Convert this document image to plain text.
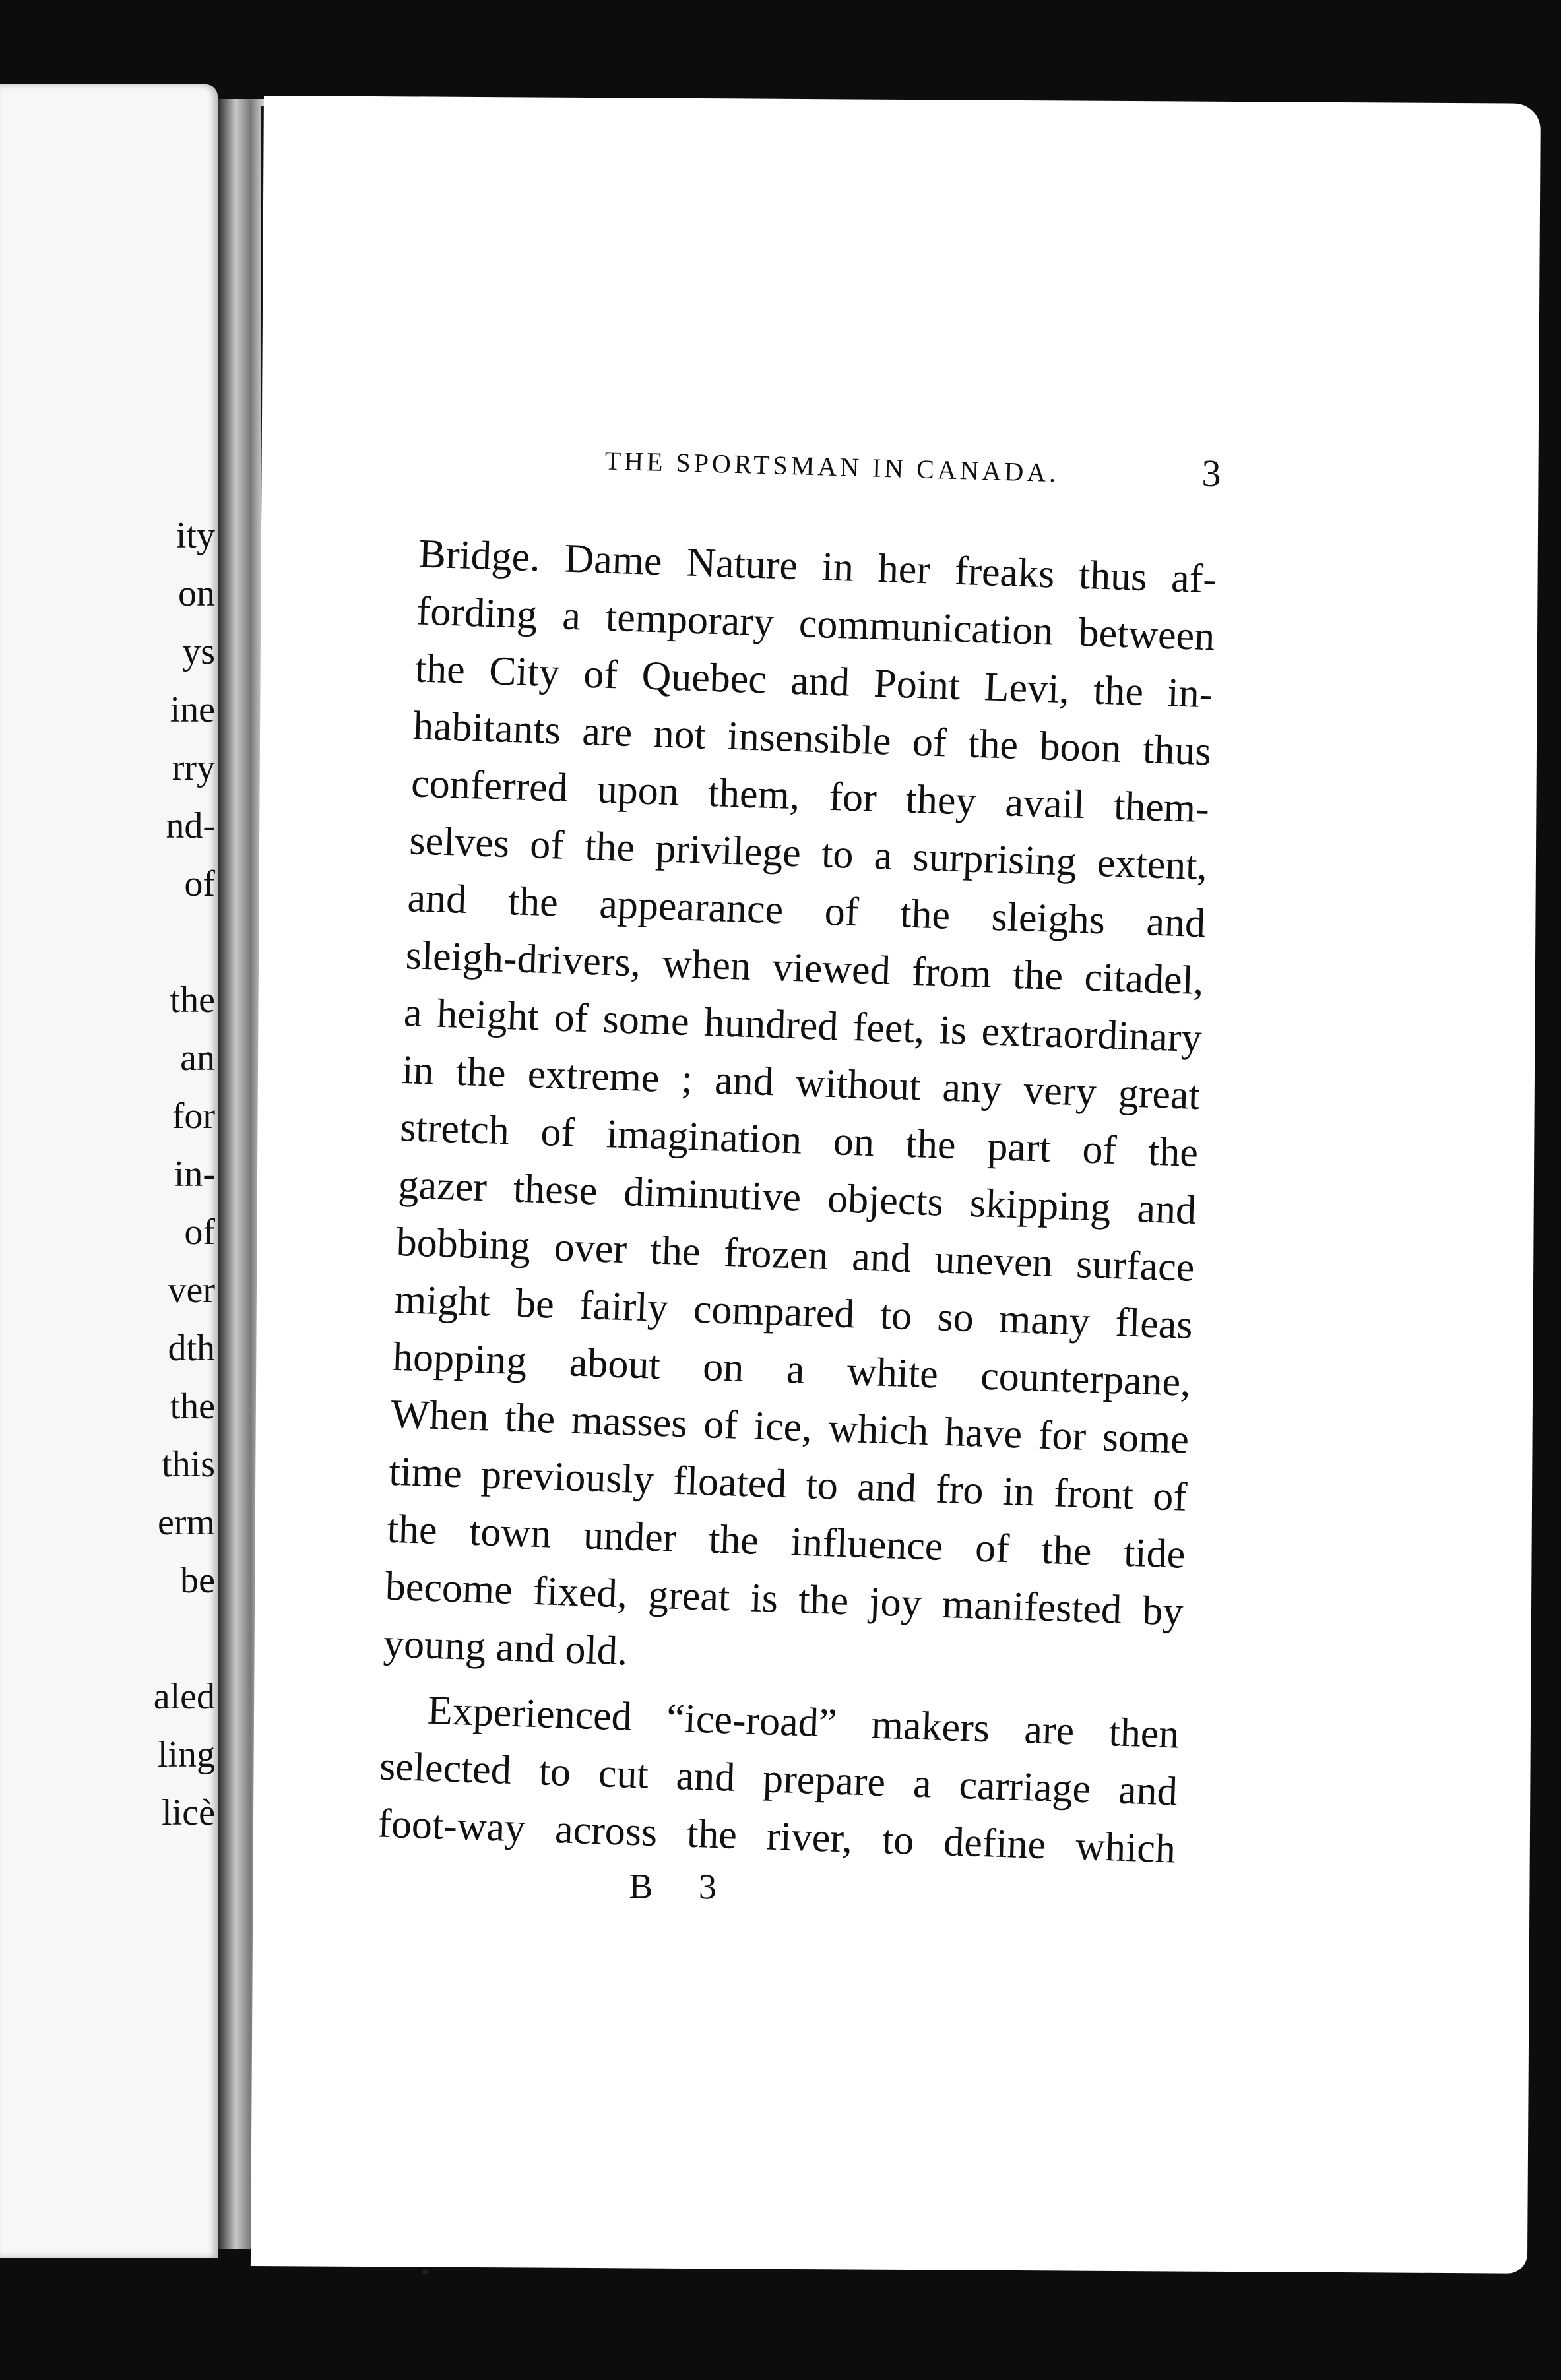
ity
on
ys
ine
rry
nd-
of
the
an
for
in-
of
ver
dth
the
this
erm
be
aled
ling
licè
THE SPORTSMAN IN CANADA.	3
Bridge. Dame Nature in her freaks thus af-
fording a temporary communication between
the City of Quebec and Point Levi, the in-
habitants are not insensible of the boon thus
conferred upon them, for they avail them-
selves of the privilege to a surprising extent,
and the appearance of the sleighs and
sleigh-drivers, when viewed from the citadel,
a height of some hundred feet, is extraordinary
in the extreme ; and without any very great
stretch of imagination on the part of the
gazer these diminutive objects skipping and
bobbing over the frozen and uneven surface
might be fairly compared to so many fleas
hopping about on a white counterpane,
When the masses of ice, which have for some
time previously floated to and fro in front of
the town under the influence of the tide
become fixed, great is the joy manifested by
young and old.
Experienced “ice-road” makers are then
selected to cut and prepare a carriage and
foot-way across the river, to define which
B 3
